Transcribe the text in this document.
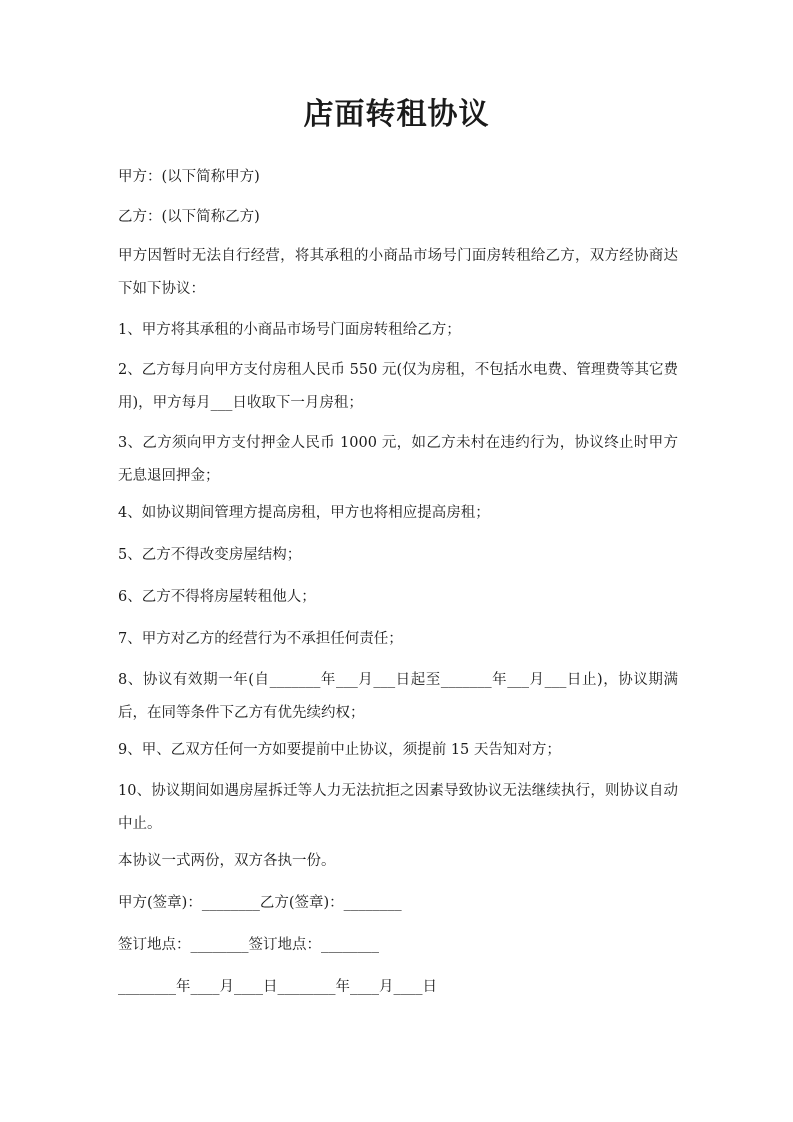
店面转租协议
甲方：(以下简称甲方)
乙方：(以下简称乙方)
甲方因暂时无法自行经营，将其承租的小商品市场号门面房转租给乙方，双方经协商达下如下协议：
1、甲方将其承租的小商品市场号门面房转租给乙方；
2、乙方每月向甲方支付房租人民币 550 元(仅为房租，不包括水电费、管理费等其它费用)，甲方每月___日收取下一月房租；
3、乙方须向甲方支付押金人民币 1000 元，如乙方未村在违约行为，协议终止时甲方无息退回押金；
4、如协议期间管理方提高房租，甲方也将相应提高房租；
5、乙方不得改变房屋结构；
6、乙方不得将房屋转租他人；
7、甲方对乙方的经营行为不承担任何责任；
8、协议有效期一年(自_______年___月___日起至_______年___月___日止)，协议期满后，在同等条件下乙方有优先续约权；
9、甲、乙双方任何一方如要提前中止协议，须提前 15 天告知对方；
10、协议期间如遇房屋拆迁等人力无法抗拒之因素导致协议无法继续执行，则协议自动中止。
本协议一式两份，双方各执一份。
甲方(签章)：________乙方(签章)：________
签订地点：________签订地点：________
________年____月____日________年____月____日
